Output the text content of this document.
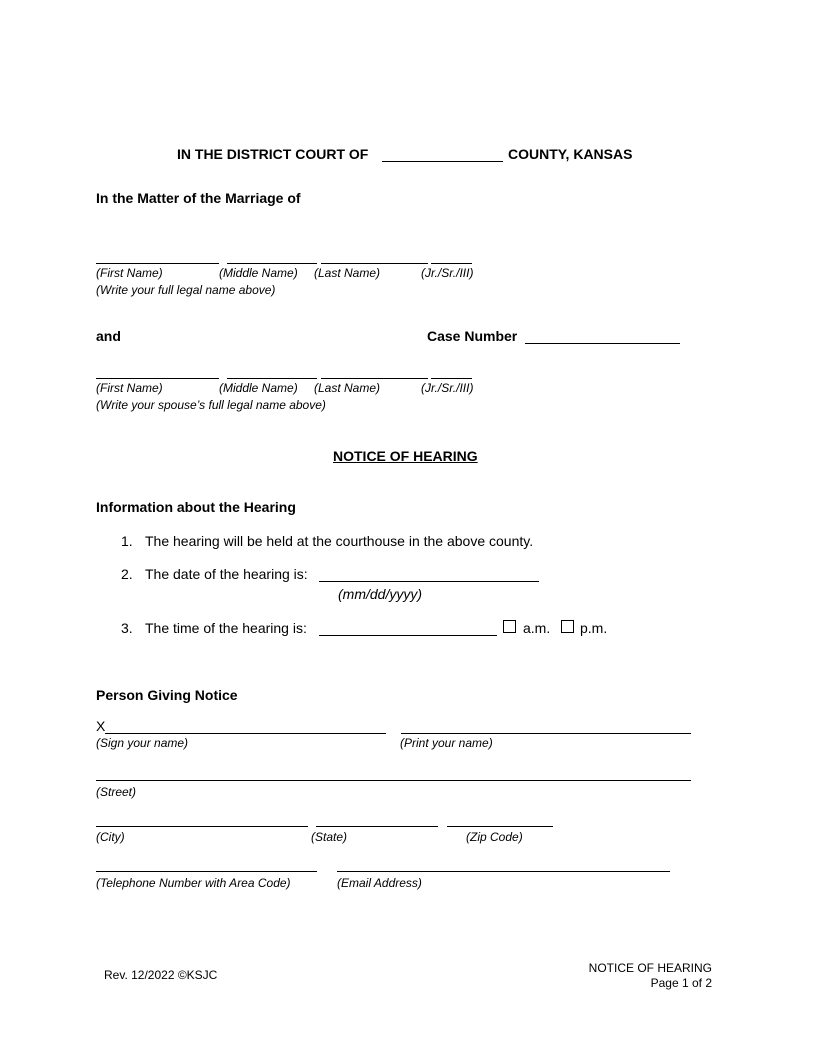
IN THE DISTRICT COURT OF	COUNTY, KANSAS
In the Matter of the Marriage of
(First Name)	(Middle Name) (Last Name)	(Jr./Sr./III)
(Write your full legal name above)
and	Case Number
(First Name)	(Middle Name) (Last Name)	(Jr./Sr./III)
(Write your spouse’s full legal name above)
NOTICE OF HEARING
Information about the Hearing
1. The hearing will be held at the courthouse in the above county.
2. The date of the hearing is:
(mm/dd/yyyy)
3. The time of the hearing is:	a.m. p.m.
Person Giving Notice
X
(Sign your name)	(Print your name)
(Street)
(City)	(State)	(Zip Code)
(Telephone Number with Area Code)	(Email Address)
Rev. 12/2022 ©KSJC	NOTICE OF HEARING
Page 1 of 2
